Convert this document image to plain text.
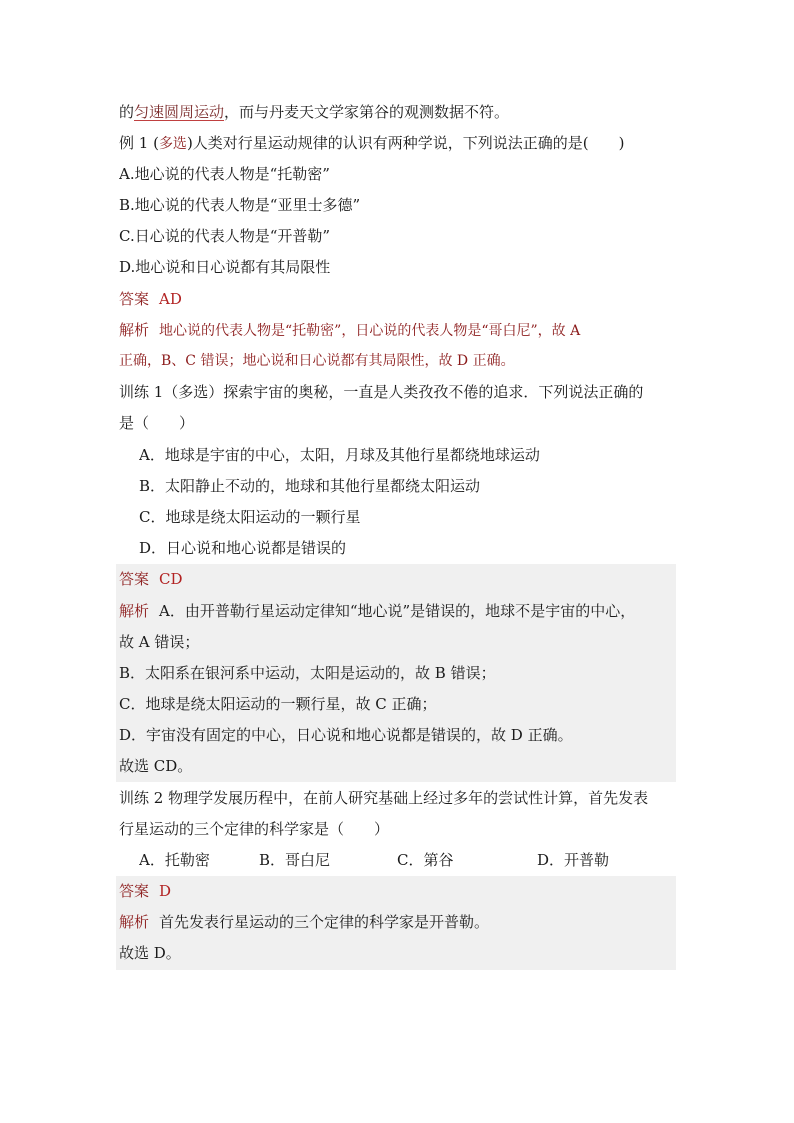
的匀速圆周运动，而与丹麦天文学家第谷的观测数据不符。
例 1 (多选)人类对行星运动规律的认识有两种学说，下列说法正确的是(　　)
A.地心说的代表人物是“托勒密”
B.地心说的代表人物是“亚里士多德”
C.日心说的代表人物是“开普勒”
D.地心说和日心说都有其局限性
答案 AD
解析 地心说的代表人物是“托勒密”，日心说的代表人物是“哥白尼”，故 A
正确，B、C 错误；地心说和日心说都有其局限性，故 D 正确。
训练 1（多选）探索宇宙的奥秘，一直是人类孜孜不倦的追求．下列说法正确的
是（　　）
A．地球是宇宙的中心，太阳，月球及其他行星都绕地球运动
B．太阳静止不动的，地球和其他行星都绕太阳运动
C．地球是绕太阳运动的一颗行星
D．日心说和地心说都是错误的
答案 CD
解析 A．由开普勒行星运动定律知“地心说”是错误的，地球不是宇宙的中心，
故 A 错误；
B．太阳系在银河系中运动，太阳是运动的，故 B 错误；
C．地球是绕太阳运动的一颗行星，故 C 正确；
D．宇宙没有固定的中心，日心说和地心说都是错误的，故 D 正确。
故选 CD。
训练 2 物理学发展历程中，在前人研究基础上经过多年的尝试性计算，首先发表
行星运动的三个定律的科学家是（　　）
A．托勒密	B．哥白尼	C．第谷	D．开普勒
答案 D
解析 首先发表行星运动的三个定律的科学家是开普勒。
故选 D。
